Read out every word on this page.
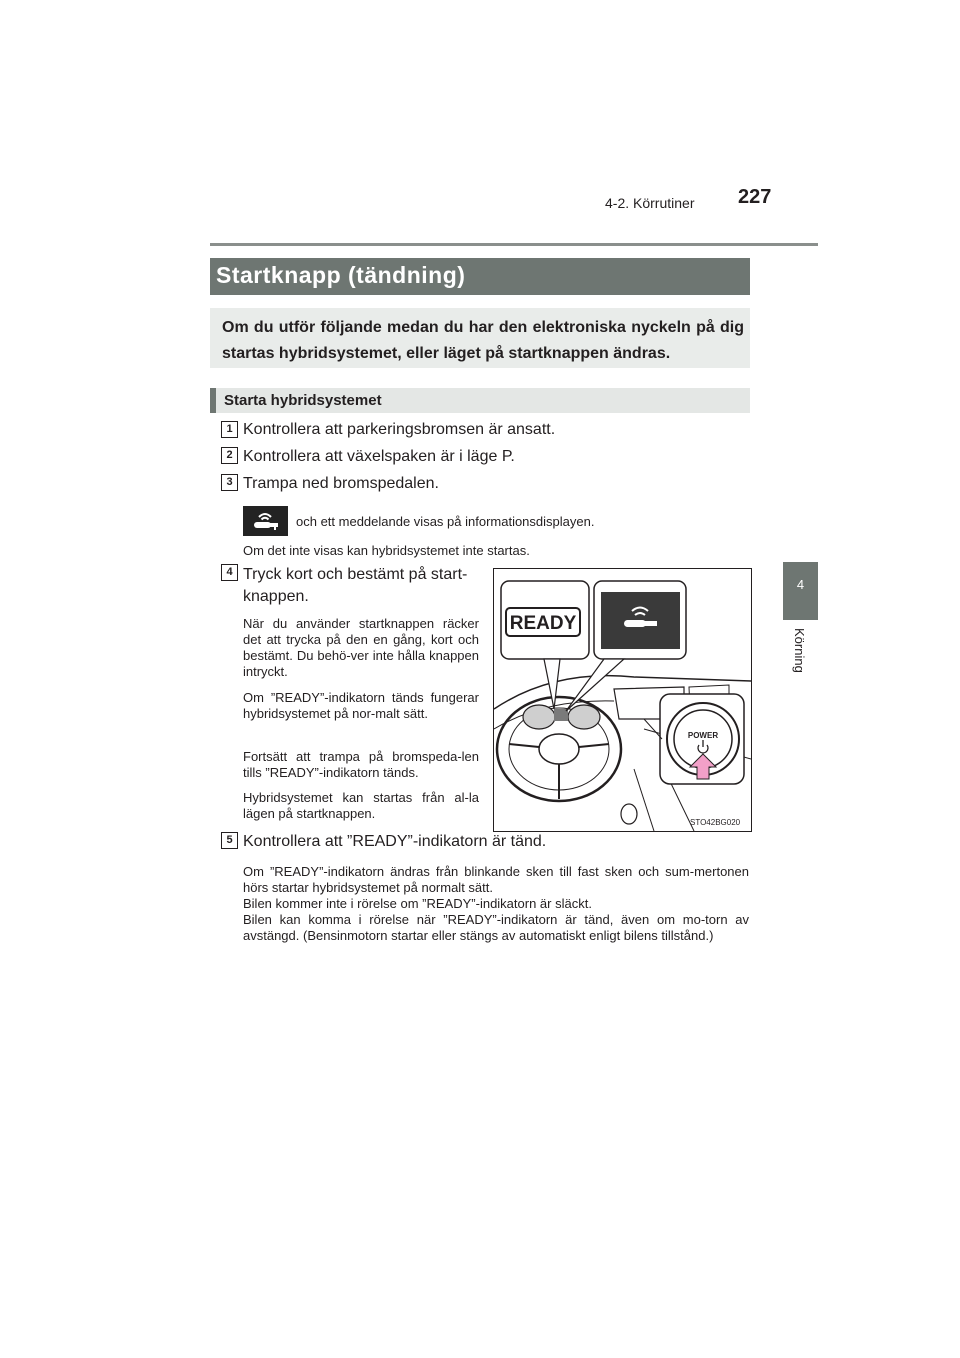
4-2. Körrutiner 227
4
Körning
Startknapp (tändning)
Om du utför följande medan du har den elektroniska nyckeln på dig startas hybridsystemet, eller läget på startknappen ändras.
Starta hybridsystemet
1 Kontrollera att parkeringsbromsen är ansatt.
2 Kontrollera att växelspaken är i läge P.
3 Trampa ned bromspedalen.
och ett meddelande visas på informationsdisplayen.
Om det inte visas kan hybridsystemet inte startas.
4 Tryck kort och bestämt på start-knappen.
När du använder startknappen räcker det att trycka på den en gång, kort och bestämt. Du behö-ver inte hålla knappen intryckt.
Om ”READY”-indikatorn tänds fungerar hybridsystemet på nor-malt sätt.
Fortsätt att trampa på bromspeda-len tills ”READY”-indikatorn tänds.
Hybridsystemet kan startas från al-la lägen på startknappen.
READY
POWER
STO42BG020
5 Kontrollera att ”READY”-indikatorn är tänd.
Om ”READY”-indikatorn ändras från blinkande sken till fast sken och sum-mertonen hörs startar hybridsystemet på normalt sätt.
Bilen kommer inte i rörelse om ”READY”-indikatorn är släckt.
Bilen kan komma i rörelse när ”READY”-indikatorn är tänd, även om mo-torn av avstängd. (Bensinmotorn startar eller stängs av automatiskt enligt bilens tillstånd.)
